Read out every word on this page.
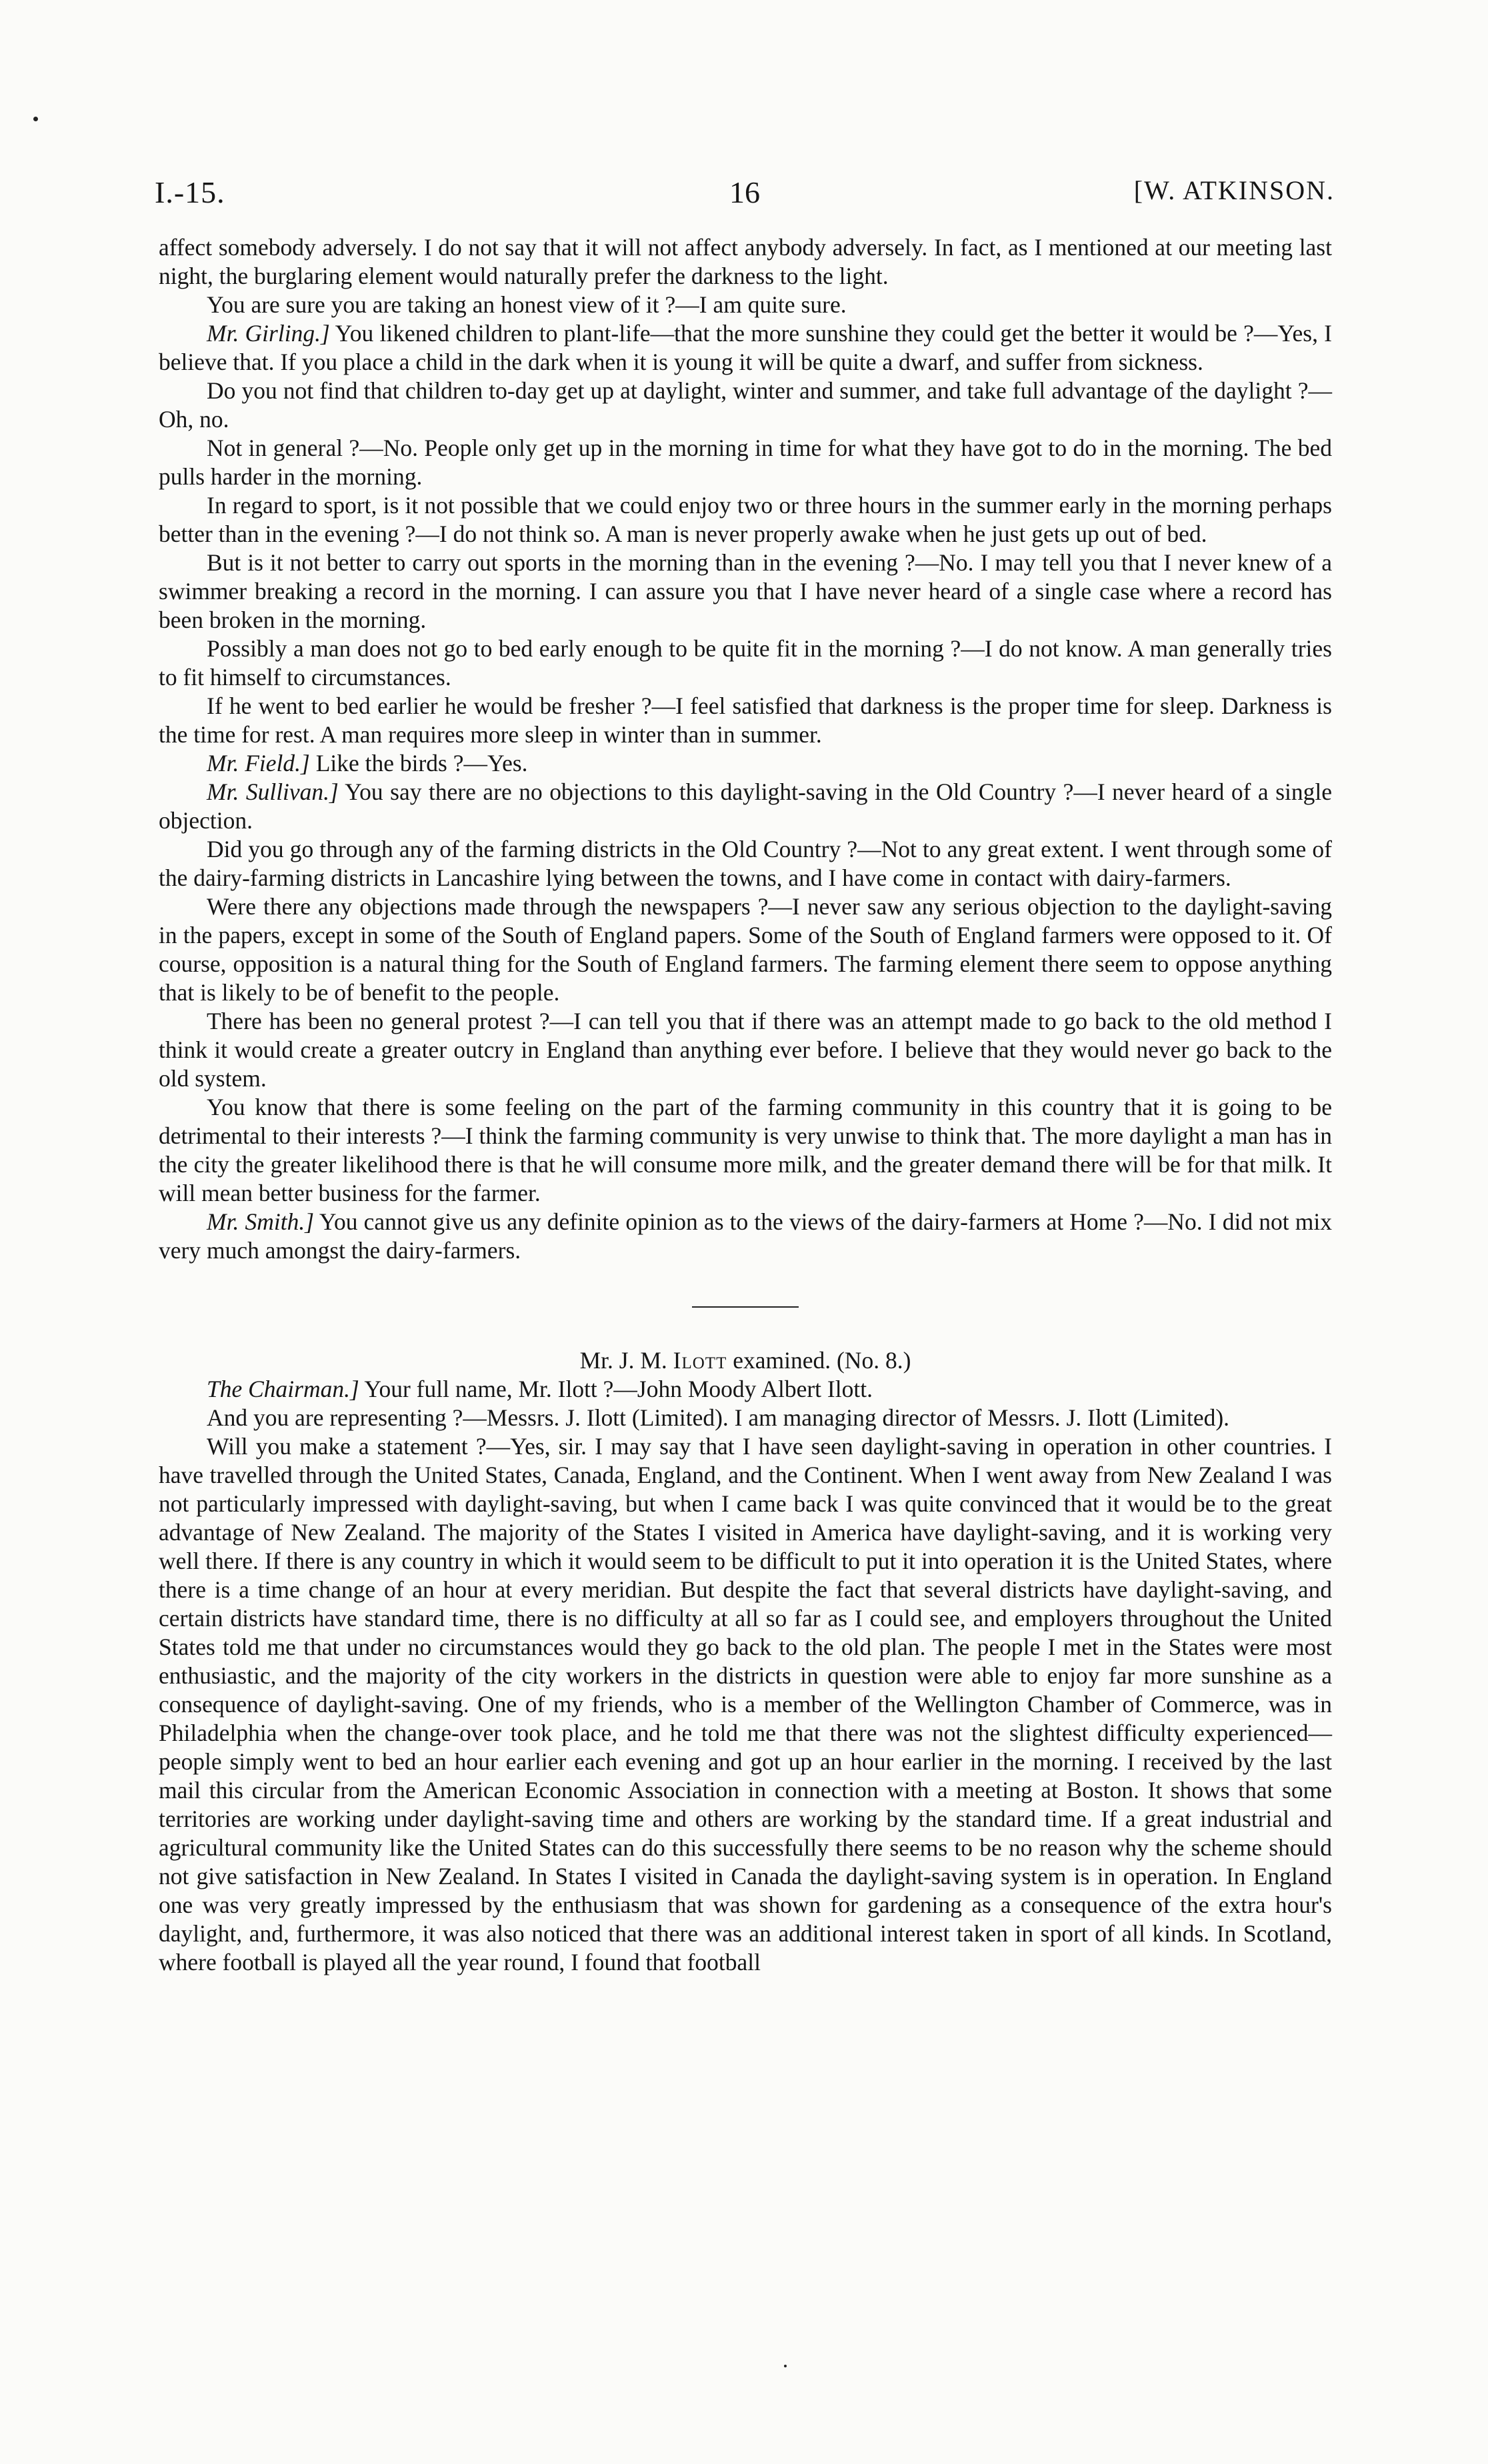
I.-15.	16	[W. ATKINSON.

affect somebody adversely. I do not say that it will not affect anybody adversely. In fact, as I mentioned at our meeting last night, the burglaring element would naturally prefer the darkness to the light.

You are sure you are taking an honest view of it ?—I am quite sure.

Mr. Girling.] You likened children to plant-life—that the more sunshine they could get the better it would be ?—Yes, I believe that. If you place a child in the dark when it is young it will be quite a dwarf, and suffer from sickness.

Do you not find that children to-day get up at daylight, winter and summer, and take full advantage of the daylight ?—Oh, no.

Not in general ?—No. People only get up in the morning in time for what they have got to do in the morning. The bed pulls harder in the morning.

In regard to sport, is it not possible that we could enjoy two or three hours in the summer early in the morning perhaps better than in the evening ?—I do not think so. A man is never properly awake when he just gets up out of bed.

But is it not better to carry out sports in the morning than in the evening ?—No. I may tell you that I never knew of a swimmer breaking a record in the morning. I can assure you that I have never heard of a single case where a record has been broken in the morning.

Possibly a man does not go to bed early enough to be quite fit in the morning ?—I do not know. A man generally tries to fit himself to circumstances.

If he went to bed earlier he would be fresher ?—I feel satisfied that darkness is the proper time for sleep. Darkness is the time for rest. A man requires more sleep in winter than in summer.

Mr. Field.] Like the birds ?—Yes.

Mr. Sullivan.] You say there are no objections to this daylight-saving in the Old Country ?—I never heard of a single objection.

Did you go through any of the farming districts in the Old Country ?—Not to any great extent. I went through some of the dairy-farming districts in Lancashire lying between the towns, and I have come in contact with dairy-farmers.

Were there any objections made through the newspapers ?—I never saw any serious objection to the daylight-saving in the papers, except in some of the South of England papers. Some of the South of England farmers were opposed to it. Of course, opposition is a natural thing for the South of England farmers. The farming element there seem to oppose anything that is likely to be of benefit to the people.

There has been no general protest ?—I can tell you that if there was an attempt made to go back to the old method I think it would create a greater outcry in England than anything ever before. I believe that they would never go back to the old system.

You know that there is some feeling on the part of the farming community in this country that it is going to be detrimental to their interests ?—I think the farming community is very unwise to think that. The more daylight a man has in the city the greater likelihood there is that he will consume more milk, and the greater demand there will be for that milk. It will mean better business for the farmer.

Mr. Smith.] You cannot give us any definite opinion as to the views of the dairy-farmers at Home ?—No. I did not mix very much amongst the dairy-farmers.

Mr. J. M. Ilott examined. (No. 8.)

The Chairman.] Your full name, Mr. Ilott ?—John Moody Albert Ilott.

And you are representing ?—Messrs. J. Ilott (Limited). I am managing director of Messrs. J. Ilott (Limited).

Will you make a statement ?—Yes, sir. I may say that I have seen daylight-saving in operation in other countries. I have travelled through the United States, Canada, England, and the Continent. When I went away from New Zealand I was not particularly impressed with daylight-saving, but when I came back I was quite convinced that it would be to the great advantage of New Zealand. The majority of the States I visited in America have daylight-saving, and it is working very well there. If there is any country in which it would seem to be difficult to put it into operation it is the United States, where there is a time change of an hour at every meridian. But despite the fact that several districts have daylight-saving, and certain districts have standard time, there is no difficulty at all so far as I could see, and employers throughout the United States told me that under no circumstances would they go back to the old plan. The people I met in the States were most enthusiastic, and the majority of the city workers in the districts in question were able to enjoy far more sunshine as a consequence of daylight-saving. One of my friends, who is a member of the Wellington Chamber of Commerce, was in Philadelphia when the change-over took place, and he told me that there was not the slightest difficulty experienced—people simply went to bed an hour earlier each evening and got up an hour earlier in the morning. I received by the last mail this circular from the American Economic Association in connection with a meeting at Boston. It shows that some territories are working under daylight-saving time and others are working by the standard time. If a great industrial and agricultural community like the United States can do this successfully there seems to be no reason why the scheme should not give satisfaction in New Zealand. In States I visited in Canada the daylight-saving system is in operation. In England one was very greatly impressed by the enthusiasm that was shown for gardening as a consequence of the extra hour's daylight, and, furthermore, it was also noticed that there was an additional interest taken in sport of all kinds. In Scotland, where football is played all the year round, I found that football
